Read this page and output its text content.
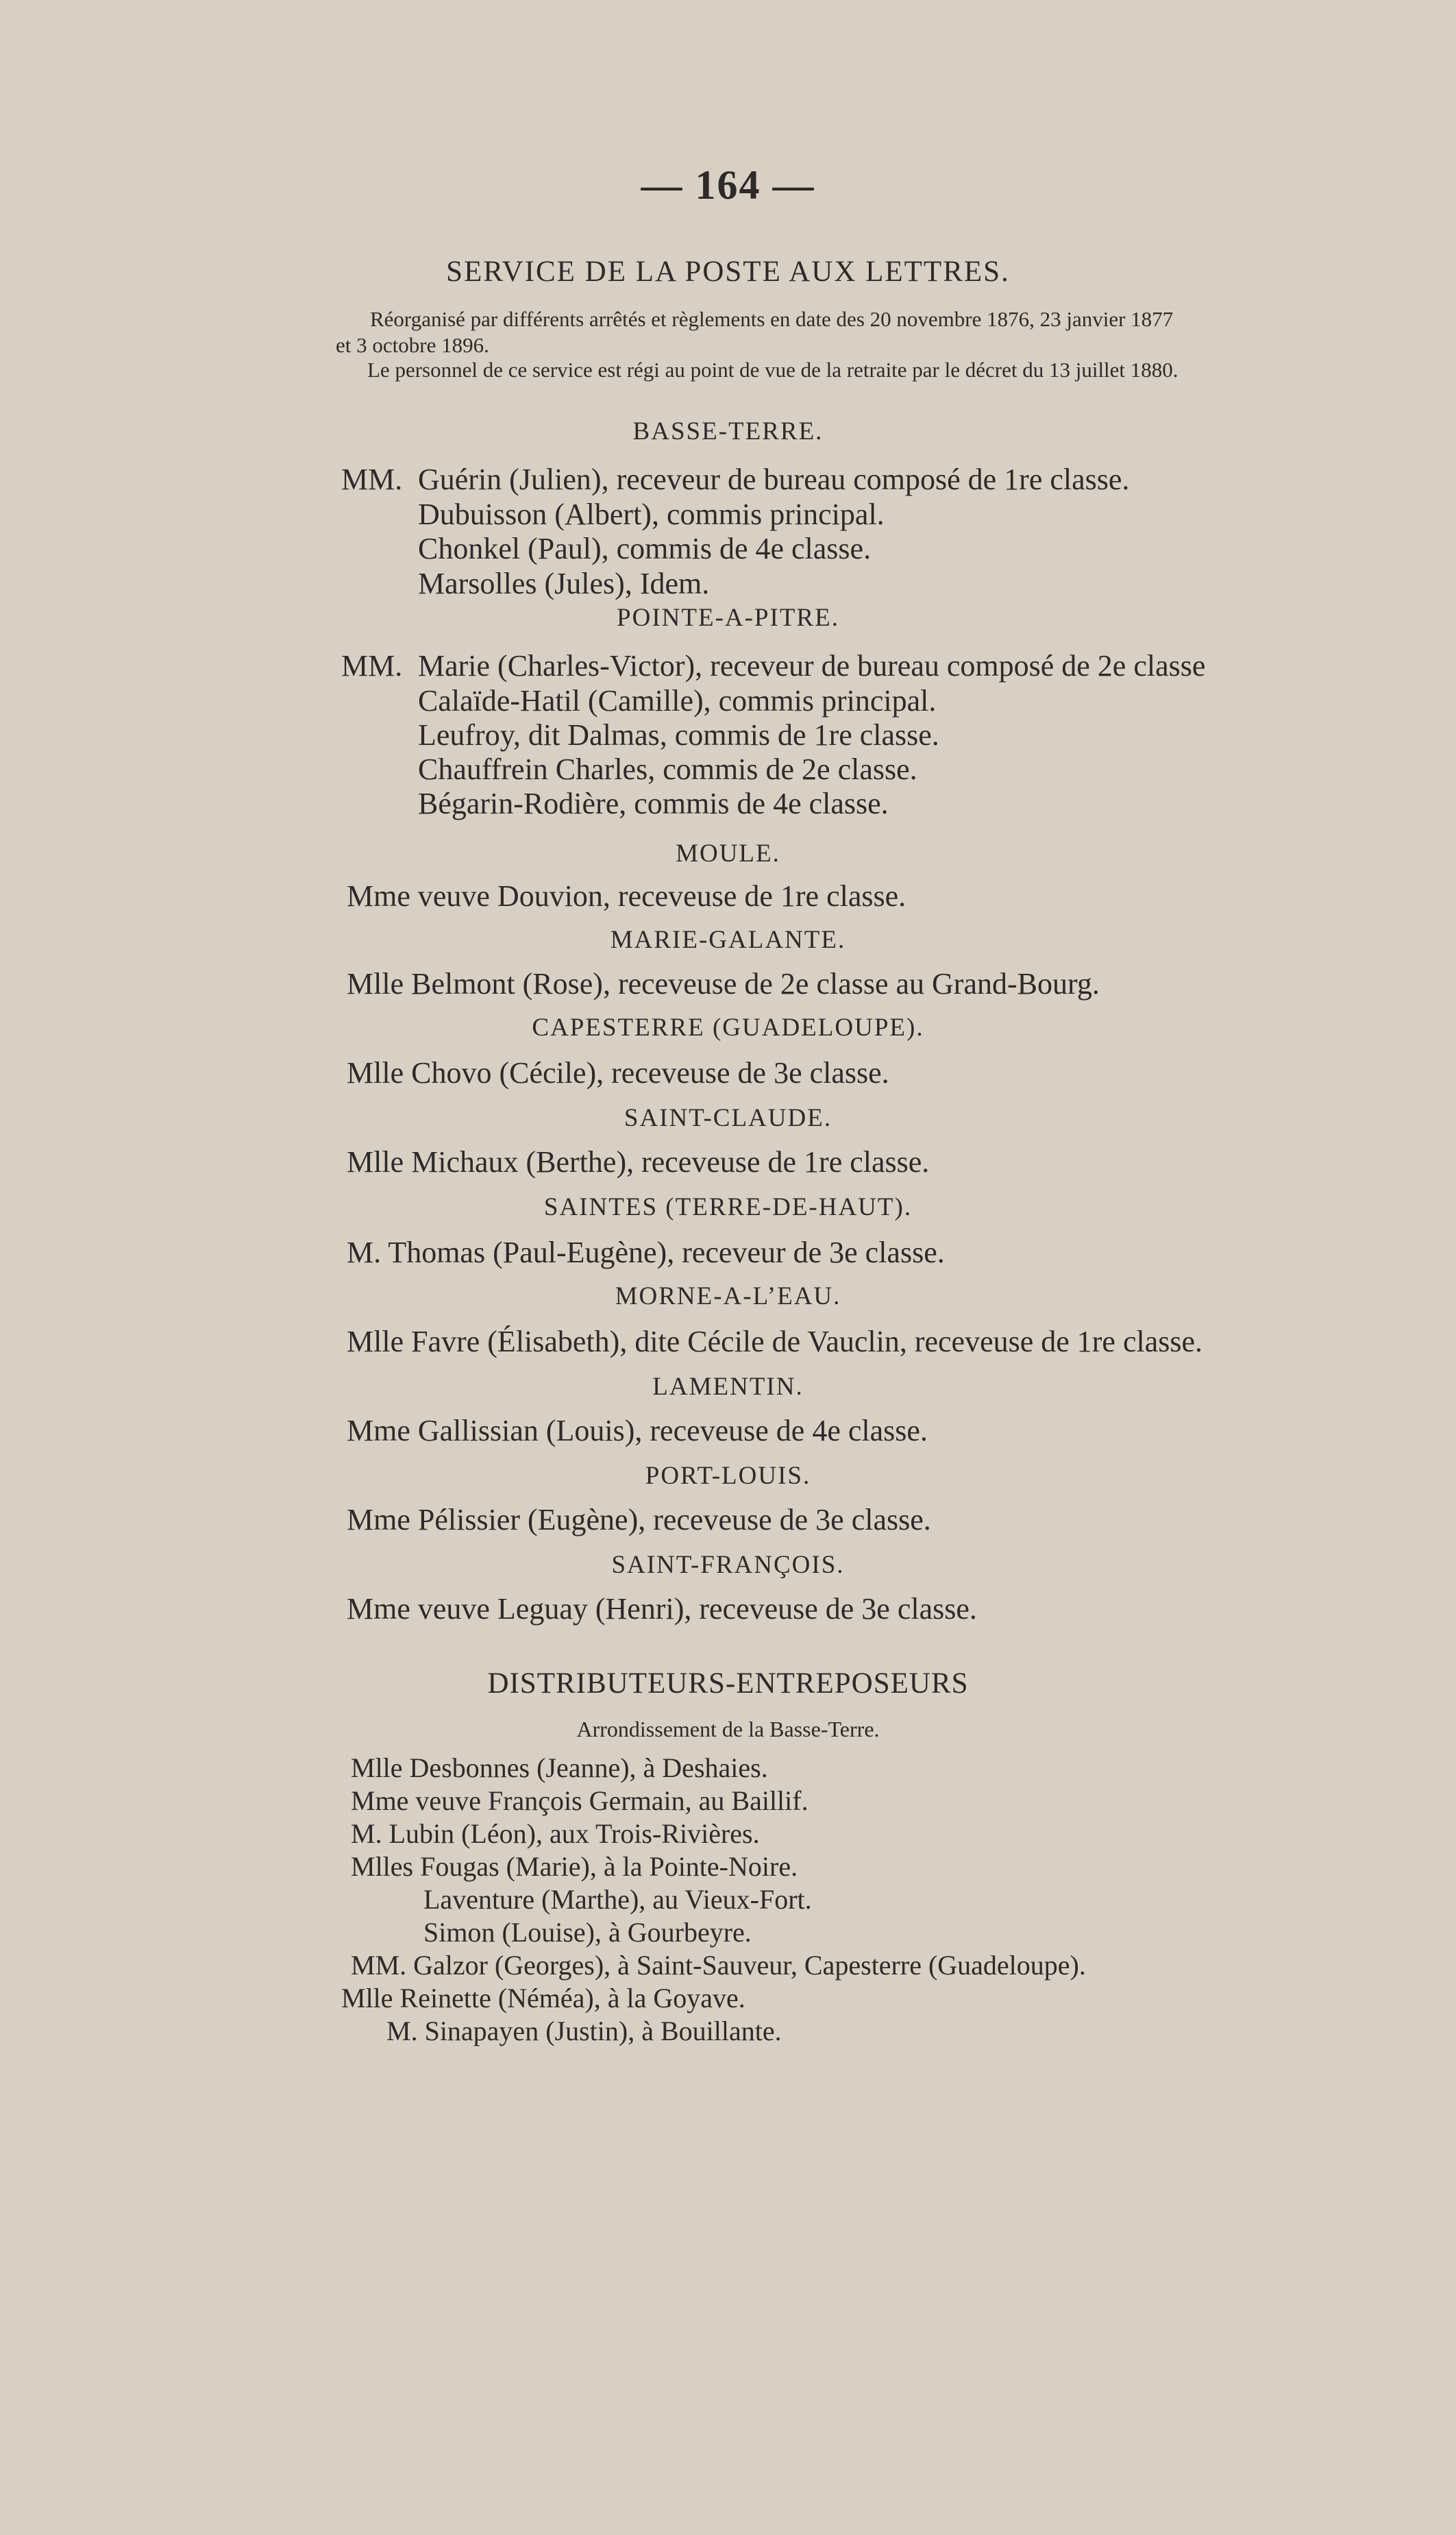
— 164 —
SERVICE DE LA POSTE AUX LETTRES.
Réorganisé par différents arrêtés et règlements en date des 20 novembre 1876, 23 janvier 1877
et 3 octobre 1896.
Le personnel de ce service est régi au point de vue de la retraite par le décret du 13 juillet 1880.
BASSE-TERRE.
MM. Guérin (Julien), receveur de bureau composé de 1re classe.
Dubuisson (Albert), commis principal.
Chonkel (Paul), commis de 4e classe.
Marsolles (Jules), Idem.
POINTE-A-PITRE.
MM. Marie (Charles-Victor), receveur de bureau composé de 2e classe
Calaïde-Hatil (Camille), commis principal.
Leufroy, dit Dalmas, commis de 1re classe.
Chauffrein Charles, commis de 2e classe.
Bégarin-Rodière, commis de 4e classe.
MOULE.
Mme veuve Douvion, receveuse de 1re classe.
MARIE-GALANTE.
Mlle Belmont (Rose), receveuse de 2e classe au Grand-Bourg.
CAPESTERRE (GUADELOUPE).
Mlle Chovo (Cécile), receveuse de 3e classe.
SAINT-CLAUDE.
Mlle Michaux (Berthe), receveuse de 1re classe.
SAINTES (TERRE-DE-HAUT).
M. Thomas (Paul-Eugène), receveur de 3e classe.
MORNE-A-L’EAU.
Mlle Favre (Élisabeth), dite Cécile de Vauclin, receveuse de 1re classe.
LAMENTIN.
Mme Gallissian (Louis), receveuse de 4e classe.
PORT-LOUIS.
Mme Pélissier (Eugène), receveuse de 3e classe.
SAINT-FRANÇOIS.
Mme veuve Leguay (Henri), receveuse de 3e classe.
DISTRIBUTEURS-ENTREPOSEURS
Arrondissement de la Basse-Terre.
Mlle Desbonnes (Jeanne), à Deshaies.
Mme veuve François Germain, au Baillif.
M. Lubin (Léon), aux Trois-Rivières.
Mlles Fougas (Marie), à la Pointe-Noire.
Laventure (Marthe), au Vieux-Fort.
Simon (Louise), à Gourbeyre.
MM. Galzor (Georges), à Saint-Sauveur, Capesterre (Guadeloupe).
Mlle Reinette (Néméa), à la Goyave.
M. Sinapayen (Justin), à Bouillante.
